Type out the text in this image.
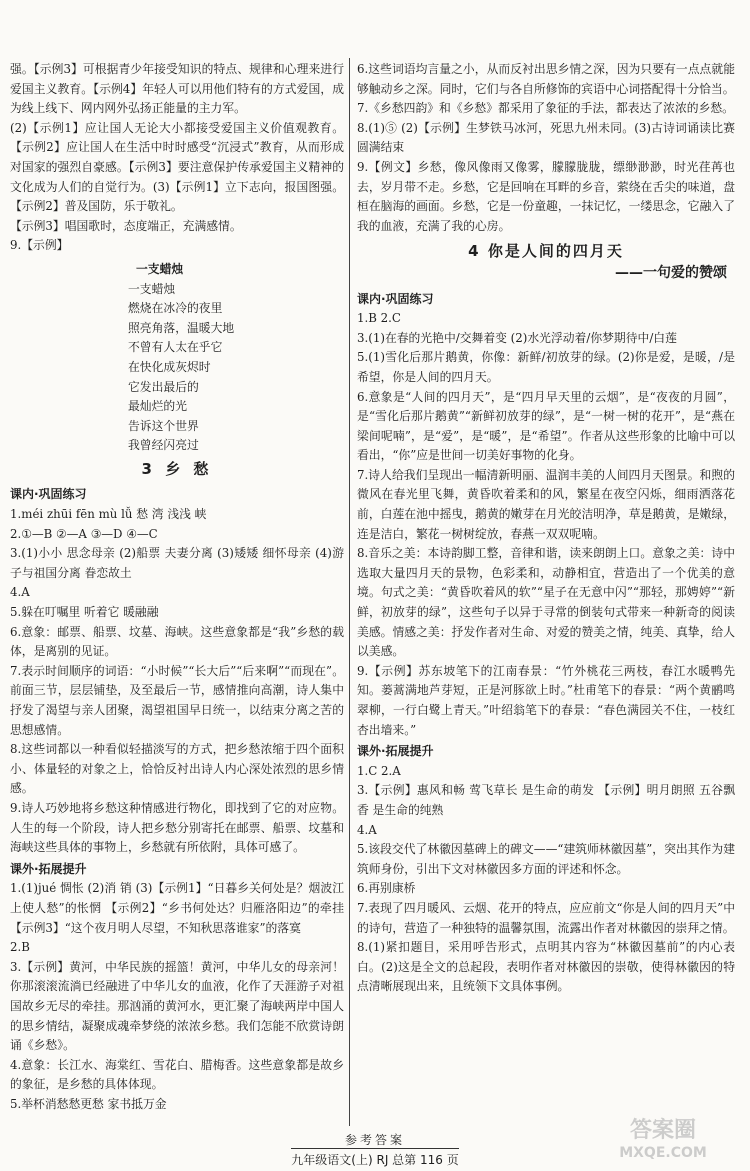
强。【示例3】可根据青少年接受知识的特点、规律和心理来进行爱国主义教育。【示例4】年轻人可以用他们特有的方式爱国，成为线上线下、网内网外弘扬正能量的主力军。

(2)【示例1】应让国人无论大小都接受爱国主义价值观教育。【示例2】应让国人在生活中时时感受“沉浸式”教育，从而形成对国家的强烈自豪感。【示例3】要注意保护传承爱国主义精神的文化成为人们的自觉行为。(3)【示例1】立下志向，报国图强。【示例2】普及国防，乐于敬礼。

【示例3】唱国歌时，态度端正，充满感情。

9.【示例】

一支蜡烛
一支蜡烛
燃烧在冰冷的夜里
照亮角落，温暖大地
不曾有人太在乎它
在快化成灰烬时
它发出最后的
最灿烂的光
告诉这个世界
我曾经闪亮过
3 乡 愁
课内·巩固练习

1.méi zhūi fēn mù lǚ 愁 湾 浅浅 峡

2.①—B ②—A ③—D ④—C

3.(1)小小 思念母亲 (2)船票 夫妻分离 (3)矮矮 细怀母亲 (4)游子与祖国分离 眷恋故土

4.A

5.躲在叮嘱里 听着它 暖融融

6.意象：邮票、船票、坟墓、海峡。这些意象都是“我”乡愁的载体，是离别的见证。

7.表示时间顺序的词语：“小时候”“长大后”“后来啊”“而现在”。前面三节，层层铺垫，及至最后一节，感情推向高潮，诗人集中抒发了渴望与亲人团聚，渴望祖国早日统一，以结束分离之苦的思想感情。

8.这些词都以一种看似轻描淡写的方式，把乡愁浓缩于四个面积小、体量轻的对象之上，恰恰反衬出诗人内心深处浓烈的思乡情感。

9.诗人巧妙地将乡愁这种情感进行物化，即找到了它的对应物。人生的每一个阶段，诗人把乡愁分别寄托在邮票、船票、坟墓和海峡这些具体的事物上，乡愁就有所依附，具体可感了。

课外·拓展提升

1.(1)jué 惆怅 (2)消 销 (3)【示例1】“日暮乡关何处是？烟波江上使人愁”的怅惘 【示例2】“乡书何处达？归雁洛阳边”的牵挂 【示例3】“这个夜月明人尽望，不知秋思落谁家”的落寞

2.B

3.【示例】黄河，中华民族的摇篮！黄河，中华儿女的母亲河！你那滚滚流淌已经融进了中华儿女的血液，化作了天涯游子对祖国故乡无尽的牵挂。那汹涌的黄河水，更汇聚了海峡两岸中国人的思乡情结，凝聚成魂牵梦绕的浓浓乡愁。我们怎能不欣赏诗朗诵《乡愁》。

4.意象：长江水、海棠红、雪花白、腊梅香。这些意象都是故乡的象征，是乡愁的具体体现。

5.举杯消愁愁更愁 家书抵万金

6.这些词语均言量之小，从而反衬出思乡情之深，因为只要有一点点就能够触动乡之深。同时，它们与各自所修饰的宾语中心词搭配得十分恰当。

7.《乡愁四韵》和《乡愁》都采用了象征的手法，都表达了浓浓的乡愁。

8.(1)⑤ (2)【示例】生梦铁马冰河，死思九州未同。(3)古诗词诵读比赛圆满结束

9.【例文】乡愁，像风像雨又像雾，朦朦胧胧，缥缈渺渺，时光荏苒也去，岁月带不走。乡愁，它是回响在耳畔的乡音，萦绕在舌尖的味道，盘桓在脑海的画面。乡愁，它是一份童趣，一抹记忆，一缕思念，它融入了我的血液，充满了我的心房。

4 你是人间的四月天
——一句爱的赞颂
课内·巩固练习

1.B 2.C

3.(1)在春的光艳中/交舞着变 (2)水光浮动着/你梦期待中/白莲

5.(1)雪化后那片鹅黄，你像：新鲜/初放芽的绿。(2)你是爱，是暖，/是希望，你是人间的四月天。

6.意象是“人间的四月天”，是“四月早天里的云烟”，是“夜夜的月圆”，是“雪化后那片鹅黄”“新鲜初放芽的绿”，是“一树一树的花开”，是“燕在梁间呢喃”，是“爱”，是“暖”，是“希望”。作者从这些形象的比喻中可以看出，“你”应是世间一切美好事物的化身。

7.诗人给我们呈现出一幅清新明丽、温润丰美的人间四月天图景。和煦的微风在春光里飞舞，黄昏吹着柔和的风，繁星在夜空闪烁，细雨洒落花前，白莲在池中摇曳，鹅黄的嫩芽在月光皎洁明净，草是鹅黄，是嫩绿，连是洁白，繁花一树树绽放，春燕一双双呢喃。

8.音乐之美：本诗韵脚工整，音律和谐，读来朗朗上口。意象之美：诗中选取大量四月天的景物，色彩柔和，动静相宜，营造出了一个优美的意境。句式之美：“黄昏吹着风的软”“星子在无意中闪”“那轻，那娉婷”“新鲜，初放芽的绿”，这些句子以异于寻常的倒装句式带来一种新奇的阅读美感。情感之美：抒发作者对生命、对爱的赞美之情，纯美、真挚，给人以美感。

9.【示例】苏东坡笔下的江南春景：“竹外桃花三两枝，春江水暖鸭先知。蒌蒿满地芦芽短，正是河豚欲上时。”杜甫笔下的春景：“两个黄鹂鸣翠柳，一行白鹭上青天。”叶绍翁笔下的春景：“春色满园关不住，一枝红杏出墙来。”

课外·拓展提升

1.C 2.A

3.【示例】惠风和畅 莺飞草长 是生命的萌发 【示例】明月朗照 五谷飘香 是生命的纯熟

4.A

5.该段交代了林徽因墓碑上的碑文——“建筑师林徽因墓”，突出其作为建筑师身份，引出下文对林徽因多方面的评述和怀念。

6.再别康桥

7.表现了四月暖风、云烟、花开的特点，应应前文“你是人间的四月天”中的诗句，营造了一种独特的温馨氛围，流露出作者对林徽因的崇拜之情。

8.(1)紧扣题目，采用呼告形式，点明其内容为“林徽因墓前”的内心表白。(2)这是全文的总起段，表明作者对林徽因的崇敬，使得林徽因的特点清晰展现出来，且统领下文具体事例。

参考答案
九年级语文(上) RJ 总第 116 页
答案圈
MXQE.COM
